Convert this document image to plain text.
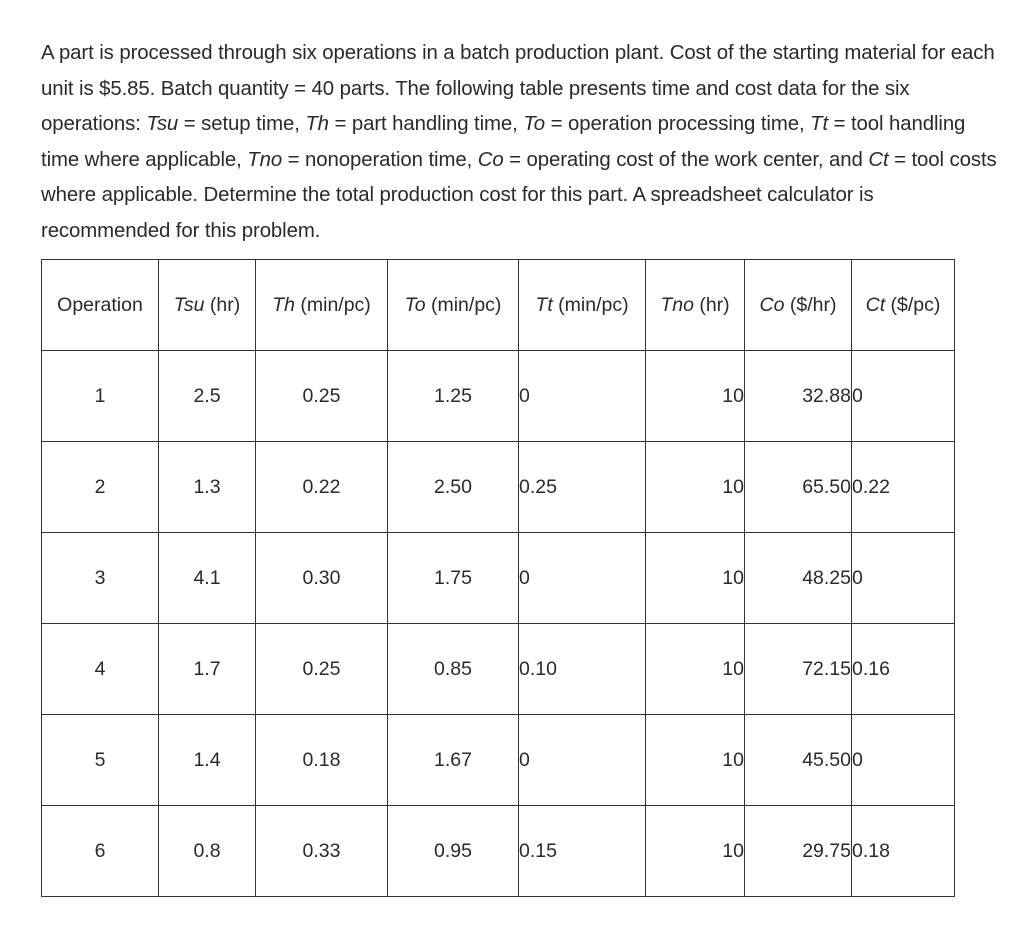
A part is processed through six operations in a batch production plant. Cost of the starting material for each unit is $5.85. Batch quantity = 40 parts. The following table presents time and cost data for the six operations: Tsu = setup time, Th = part handling time, To = operation processing time, Tt = tool handling time where applicable, Tno = nonoperation time, Co = operating cost of the work center, and Ct = tool costs where applicable. Determine the total production cost for this part. A spreadsheet calculator is recommended for this problem.

Operation	Tsu (hr)	Th (min/pc)	To (min/pc)	Tt (min/pc)	Tno (hr)	Co ($/hr)	Ct ($/pc)
1	2.5	0.25	1.25	0	10	32.88	0
2	1.3	0.22	2.50	0.25	10	65.50	0.22
3	4.1	0.30	1.75	0	10	48.25	0
4	1.7	0.25	0.85	0.10	10	72.15	0.16
5	1.4	0.18	1.67	0	10	45.50	0
6	0.8	0.33	0.95	0.15	10	29.75	0.18
